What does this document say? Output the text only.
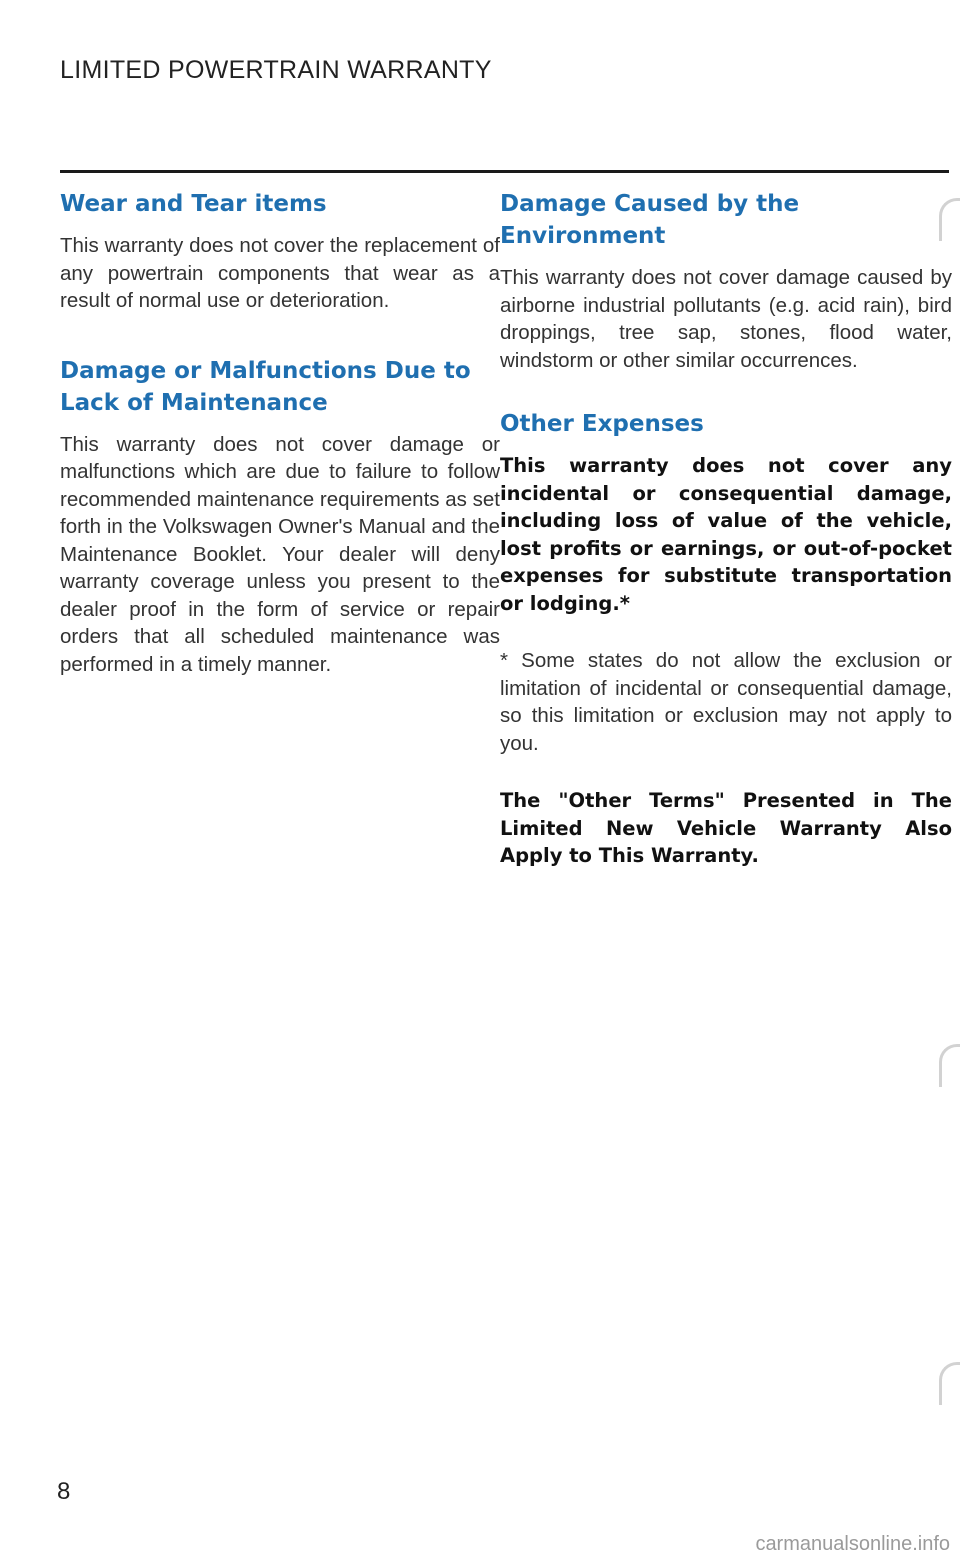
LIMITED POWERTRAIN WARRANTY
Wear and Tear items

This warranty does not cover the replacement of any powertrain components that wear as a result of normal use or deterioration.

Damage or Malfunctions Due to Lack of Maintenance

This warranty does not cover damage or malfunctions which are due to failure to follow recommended maintenance requirements as set forth in the Volkswagen Owner's Manual and the Maintenance Booklet. Your dealer will deny warranty coverage unless you present to the dealer proof in the form of service or repair orders that all scheduled maintenance was performed in a timely manner.

Damage Caused by the Environment

This warranty does not cover damage caused by airborne industrial pollutants (e.g. acid rain), bird droppings, tree sap, stones, flood water, windstorm or other similar occurrences.

Other Expenses

This warranty does not cover any incidental or consequential damage, including loss of value of the vehicle, lost profits or earnings, or out-of-pocket expenses for substitute transportation or lodging.*

* Some states do not allow the exclusion or limitation of incidental or consequential damage, so this limitation or exclusion may not apply to you.

The "Other Terms" Presented in The Limited New Vehicle Warranty Also Apply to This Warranty.

8
carmanualsonline.info
